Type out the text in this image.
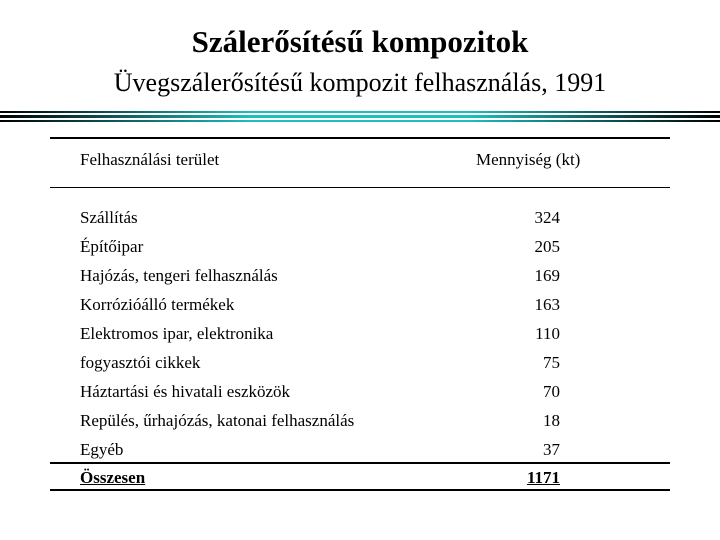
Szálerősítésű kompozitok
Üvegszálerősítésű kompozit felhasználás, 1991
Felhasználási terület	Mennyiség (kt)
Szállítás	324
Építőipar	205
Hajózás, tengeri felhasználás	169
Korrózióálló termékek	163
Elektromos ipar, elektronika	110
fogyasztói cikkek	75
Háztartási és hivatali eszközök	70
Repülés, űrhajózás, katonai felhasználás	18
Egyéb	37
Összesen	1171
